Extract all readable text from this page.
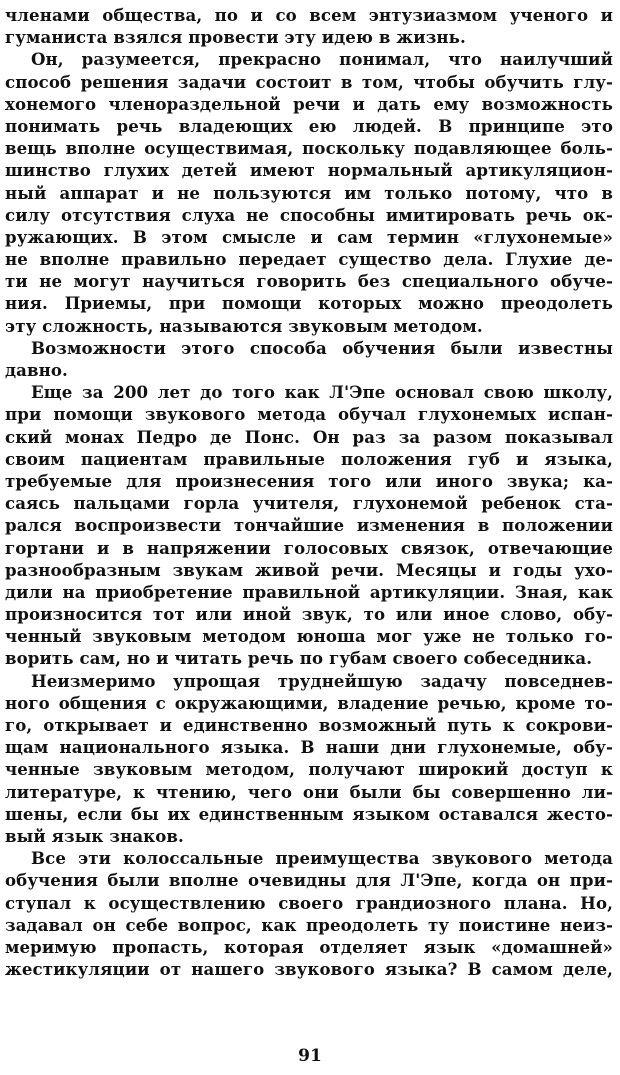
членами общества, по и со всем энтузиазмом ученого и
гуманиста взялся провести эту идею в жизнь.
Он, разумеется, прекрасно понимал, что наилучший
способ решения задачи состоит в том, чтобы обучить глу-
хонемого членораздельной речи и дать ему возможность
понимать речь владеющих ею людей. В принципе это
вещь вполне осуществимая, поскольку подавляющее боль-
шинство глухих детей имеют нормальный артикуляцион-
ный аппарат и не пользуются им только потому, что в
силу отсутствия слуха не способны имитировать речь ок-
ружающих. В этом смысле и сам термин «глухонемые»
не вполне правильно передает существо дела. Глухие де-
ти не могут научиться говорить без специального обуче-
ния. Приемы, при помощи которых можно преодолеть
эту сложность, называются звуковым методом.
Возможности этого способа обучения были известны
давно.
Еще за 200 лет до того как Л'Эпе основал свою школу,
при помощи звукового метода обучал глухонемых испан-
ский монах Педро де Понс. Он раз за разом показывал
своим пациентам правильные положения губ и языка,
требуемые для произнесения того или иного звука; ка-
саясь пальцами горла учителя, глухонемой ребенок ста-
рался воспроизвести тончайшие изменения в положении
гортани и в напряжении голосовых связок, отвечающие
разнообразным звукам живой речи. Месяцы и годы ухо-
дили на приобретение правильной артикуляции. Зная, как
произносится тот или иной звук, то или иное слово, обу-
ченный звуковым методом юноша мог уже не только го-
ворить сам, но и читать речь по губам своего собеседника.
Неизмеримо упрощая труднейшую задачу повседнев-
ного общения с окружающими, владение речью, кроме то-
го, открывает и единственно возможный путь к сокрови-
щам национального языка. В наши дни глухонемые, обу-
ченные звуковым методом, получают широкий доступ к
литературе, к чтению, чего они были бы совершенно ли-
шены, если бы их единственным языком оставался жесто-
вый язык знаков.
Все эти колоссальные преимущества звукового метода
обучения были вполне очевидны для Л'Эпе, когда он при-
ступал к осуществлению своего грандиозного плана. Но,
задавал он себе вопрос, как преодолеть ту поистине неиз-
меримую пропасть, которая отделяет язык «домашней»
жестикуляции от нашего звукового языка? В самом деле,
91
